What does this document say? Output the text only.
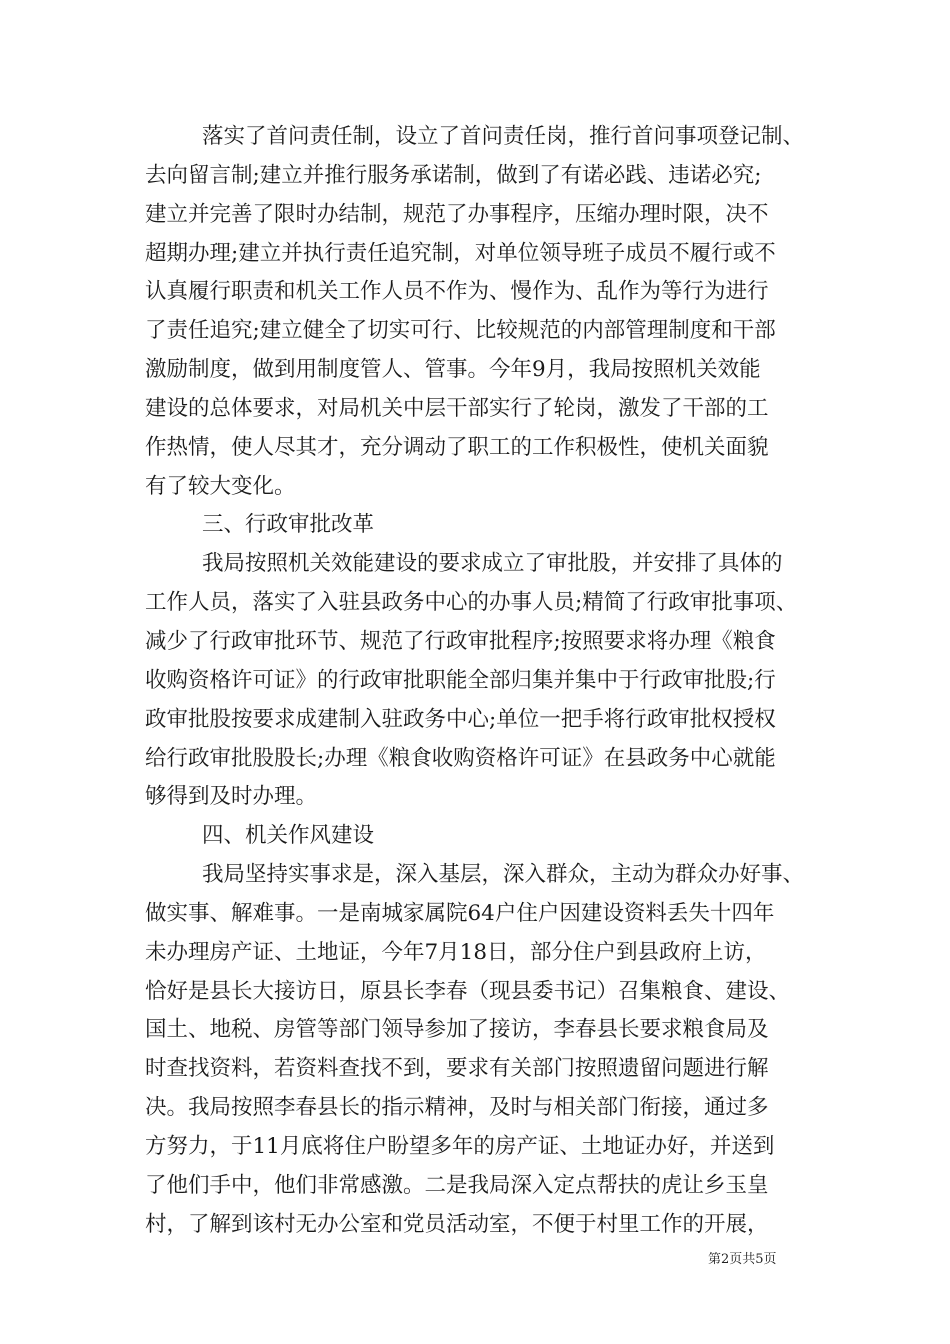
落实了首问责任制，设立了首问责任岗，推行首问事项登记制、
去向留言制;建立并推行服务承诺制，做到了有诺必践、违诺必究;
建立并完善了限时办结制，规范了办事程序，压缩办理时限，决不
超期办理;建立并执行责任追究制，对单位领导班子成员不履行或不
认真履行职责和机关工作人员不作为、慢作为、乱作为等行为进行
了责任追究;建立健全了切实可行、比较规范的内部管理制度和干部
激励制度，做到用制度管人、管事。今年9月，我局按照机关效能
建设的总体要求，对局机关中层干部实行了轮岗，激发了干部的工
作热情，使人尽其才，充分调动了职工的工作积极性，使机关面貌
有了较大变化。
三、行政审批改革
我局按照机关效能建设的要求成立了审批股，并安排了具体的
工作人员，落实了入驻县政务中心的办事人员;精简了行政审批事项、
减少了行政审批环节、规范了行政审批程序;按照要求将办理《粮食
收购资格许可证》的行政审批职能全部归集并集中于行政审批股;行
政审批股按要求成建制入驻政务中心;单位一把手将行政审批权授权
给行政审批股股长;办理《粮食收购资格许可证》在县政务中心就能
够得到及时办理。
四、机关作风建设
我局坚持实事求是，深入基层，深入群众，主动为群众办好事、
做实事、解难事。一是南城家属院64户住户因建设资料丢失十四年
未办理房产证、土地证，今年7月18日，部分住户到县政府上访，
恰好是县长大接访日，原县长李春（现县委书记）召集粮食、建设、
国土、地税、房管等部门领导参加了接访，李春县长要求粮食局及
时查找资料，若资料查找不到，要求有关部门按照遗留问题进行解
决。我局按照李春县长的指示精神，及时与相关部门衔接，通过多
方努力，于11月底将住户盼望多年的房产证、土地证办好，并送到
了他们手中，他们非常感激。二是我局深入定点帮扶的虎让乡玉皇
村，了解到该村无办公室和党员活动室，不便于村里工作的开展，
第2页共5页
